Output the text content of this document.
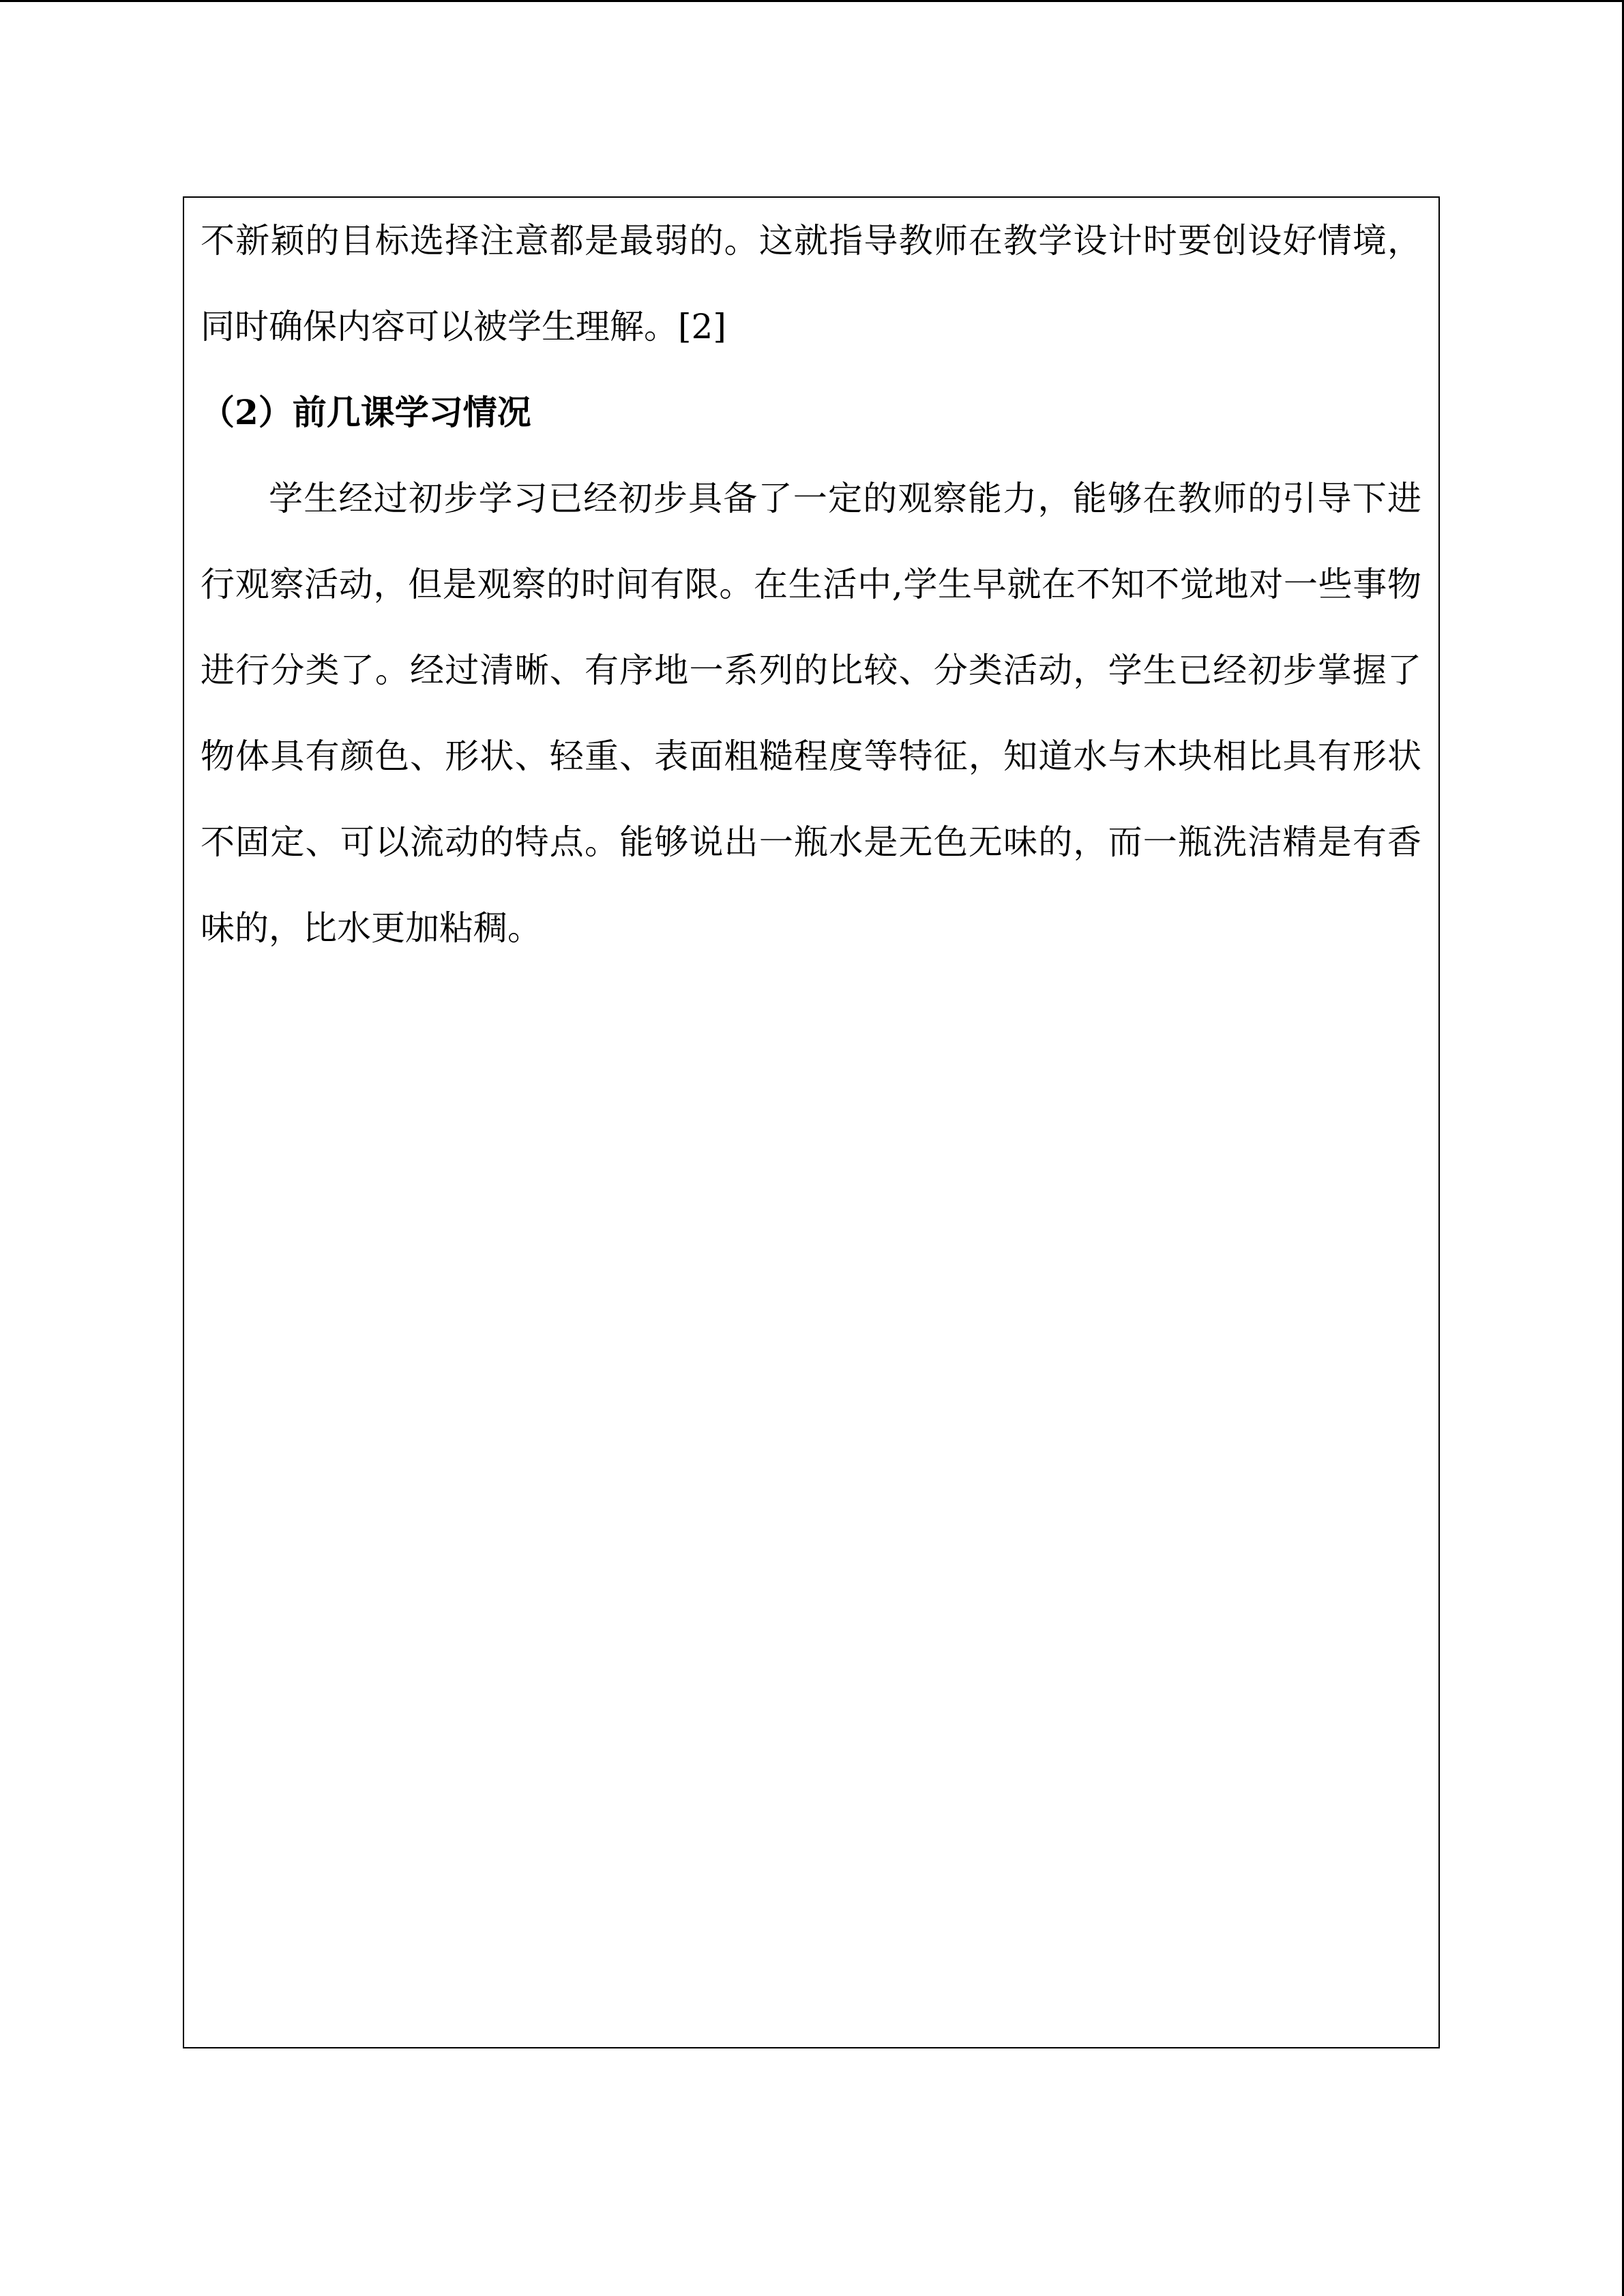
不新颖的目标选择注意都是最弱的。这就指导教师在教学设计时要创设好情境，同时确保内容可以被学生理解。[2]

（2）前几课学习情况

学生经过初步学习已经初步具备了一定的观察能力，能够在教师的引导下进行观察活动，但是观察的时间有限。在生活中,学生早就在不知不觉地对一些事物进行分类了。经过清晰、有序地一系列的比较、分类活动，学生已经初步掌握了物体具有颜色、形状、轻重、表面粗糙程度等特征，知道水与木块相比具有形状不固定、可以流动的特点。能够说出一瓶水是无色无味的，而一瓶洗洁精是有香味的，比水更加粘稠。
